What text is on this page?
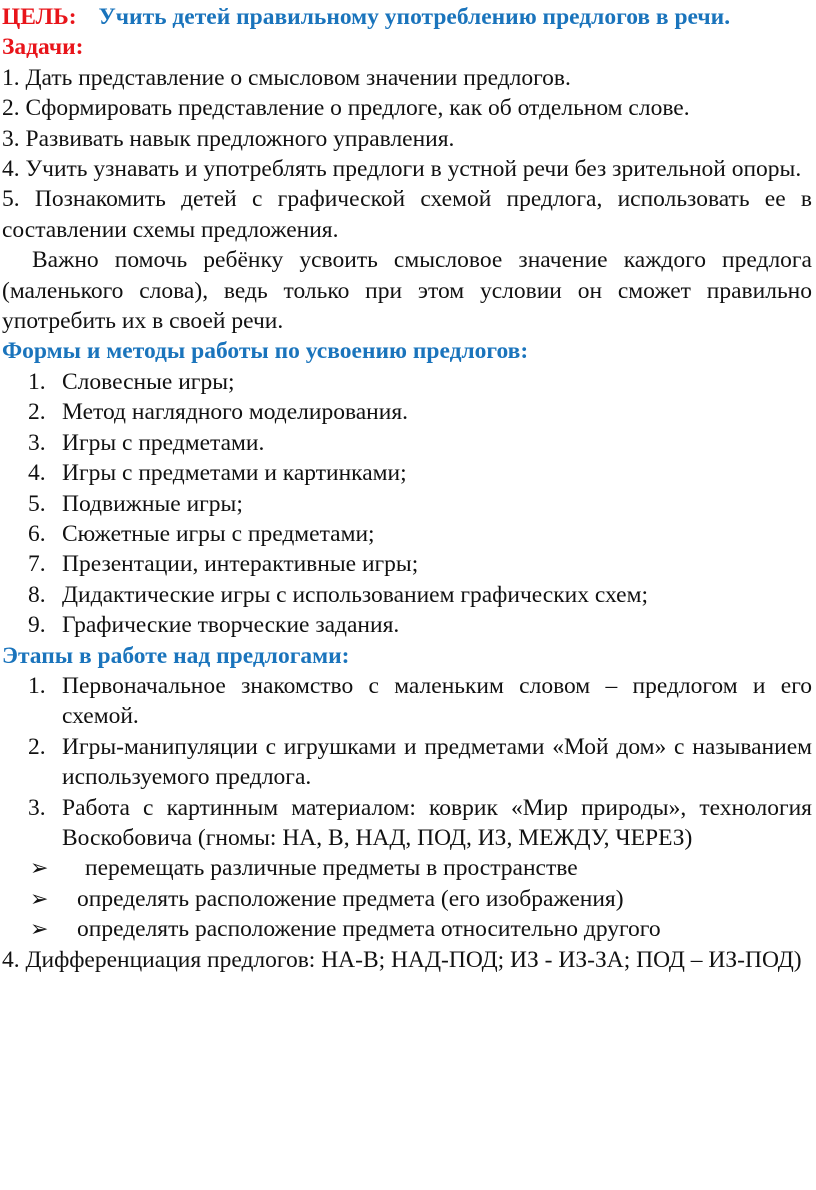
ЦЕЛЬ: Учить детей правильному употреблению предлогов в речи.

Задачи:

1. Дать представление о смысловом значении предлогов.

2. Сформировать представление о предлоге, как об отдельном слове.

3. Развивать навык предложного управления.

4. Учить узнавать и употреблять предлоги в устной речи без зрительной опоры.

5. Познакомить детей с графической схемой предлога, использовать ее в составлении схемы предложения.

Важно помочь ребёнку усвоить смысловое значение каждого предлога (маленького слова), ведь только при этом условии он сможет правильно употребить их в своей речи.

Формы и методы работы по усвоению предлогов:

1. Словесные игры;
2. Метод наглядного моделирования.
3. Игры с предметами.
4. Игры с предметами и картинками;
5. Подвижные игры;
6. Сюжетные игры с предметами;
7. Презентации, интерактивные игры;
8. Дидактические игры с использованием графических схем;
9. Графические творческие задания.

Этапы в работе над предлогами:

1. Первоначальное знакомство с маленьким словом – предлогом и его схемой.
2. Игры-манипуляции с игрушками и предметами «Мой дом» с называнием используемого предлога.
3. Работа с картинным материалом: коврик «Мир природы», технология Воскобовича (гномы: НА, В, НАД, ПОД, ИЗ, МЕЖДУ, ЧЕРЕЗ)
➢ перемещать различные предметы в пространстве
➢ определять расположение предмета (его изображения)
➢ определять расположение предмета относительно другого

4. Дифференциация предлогов: НА-В; НАД-ПОД; ИЗ - ИЗ-ЗА; ПОД – ИЗ-ПОД)
